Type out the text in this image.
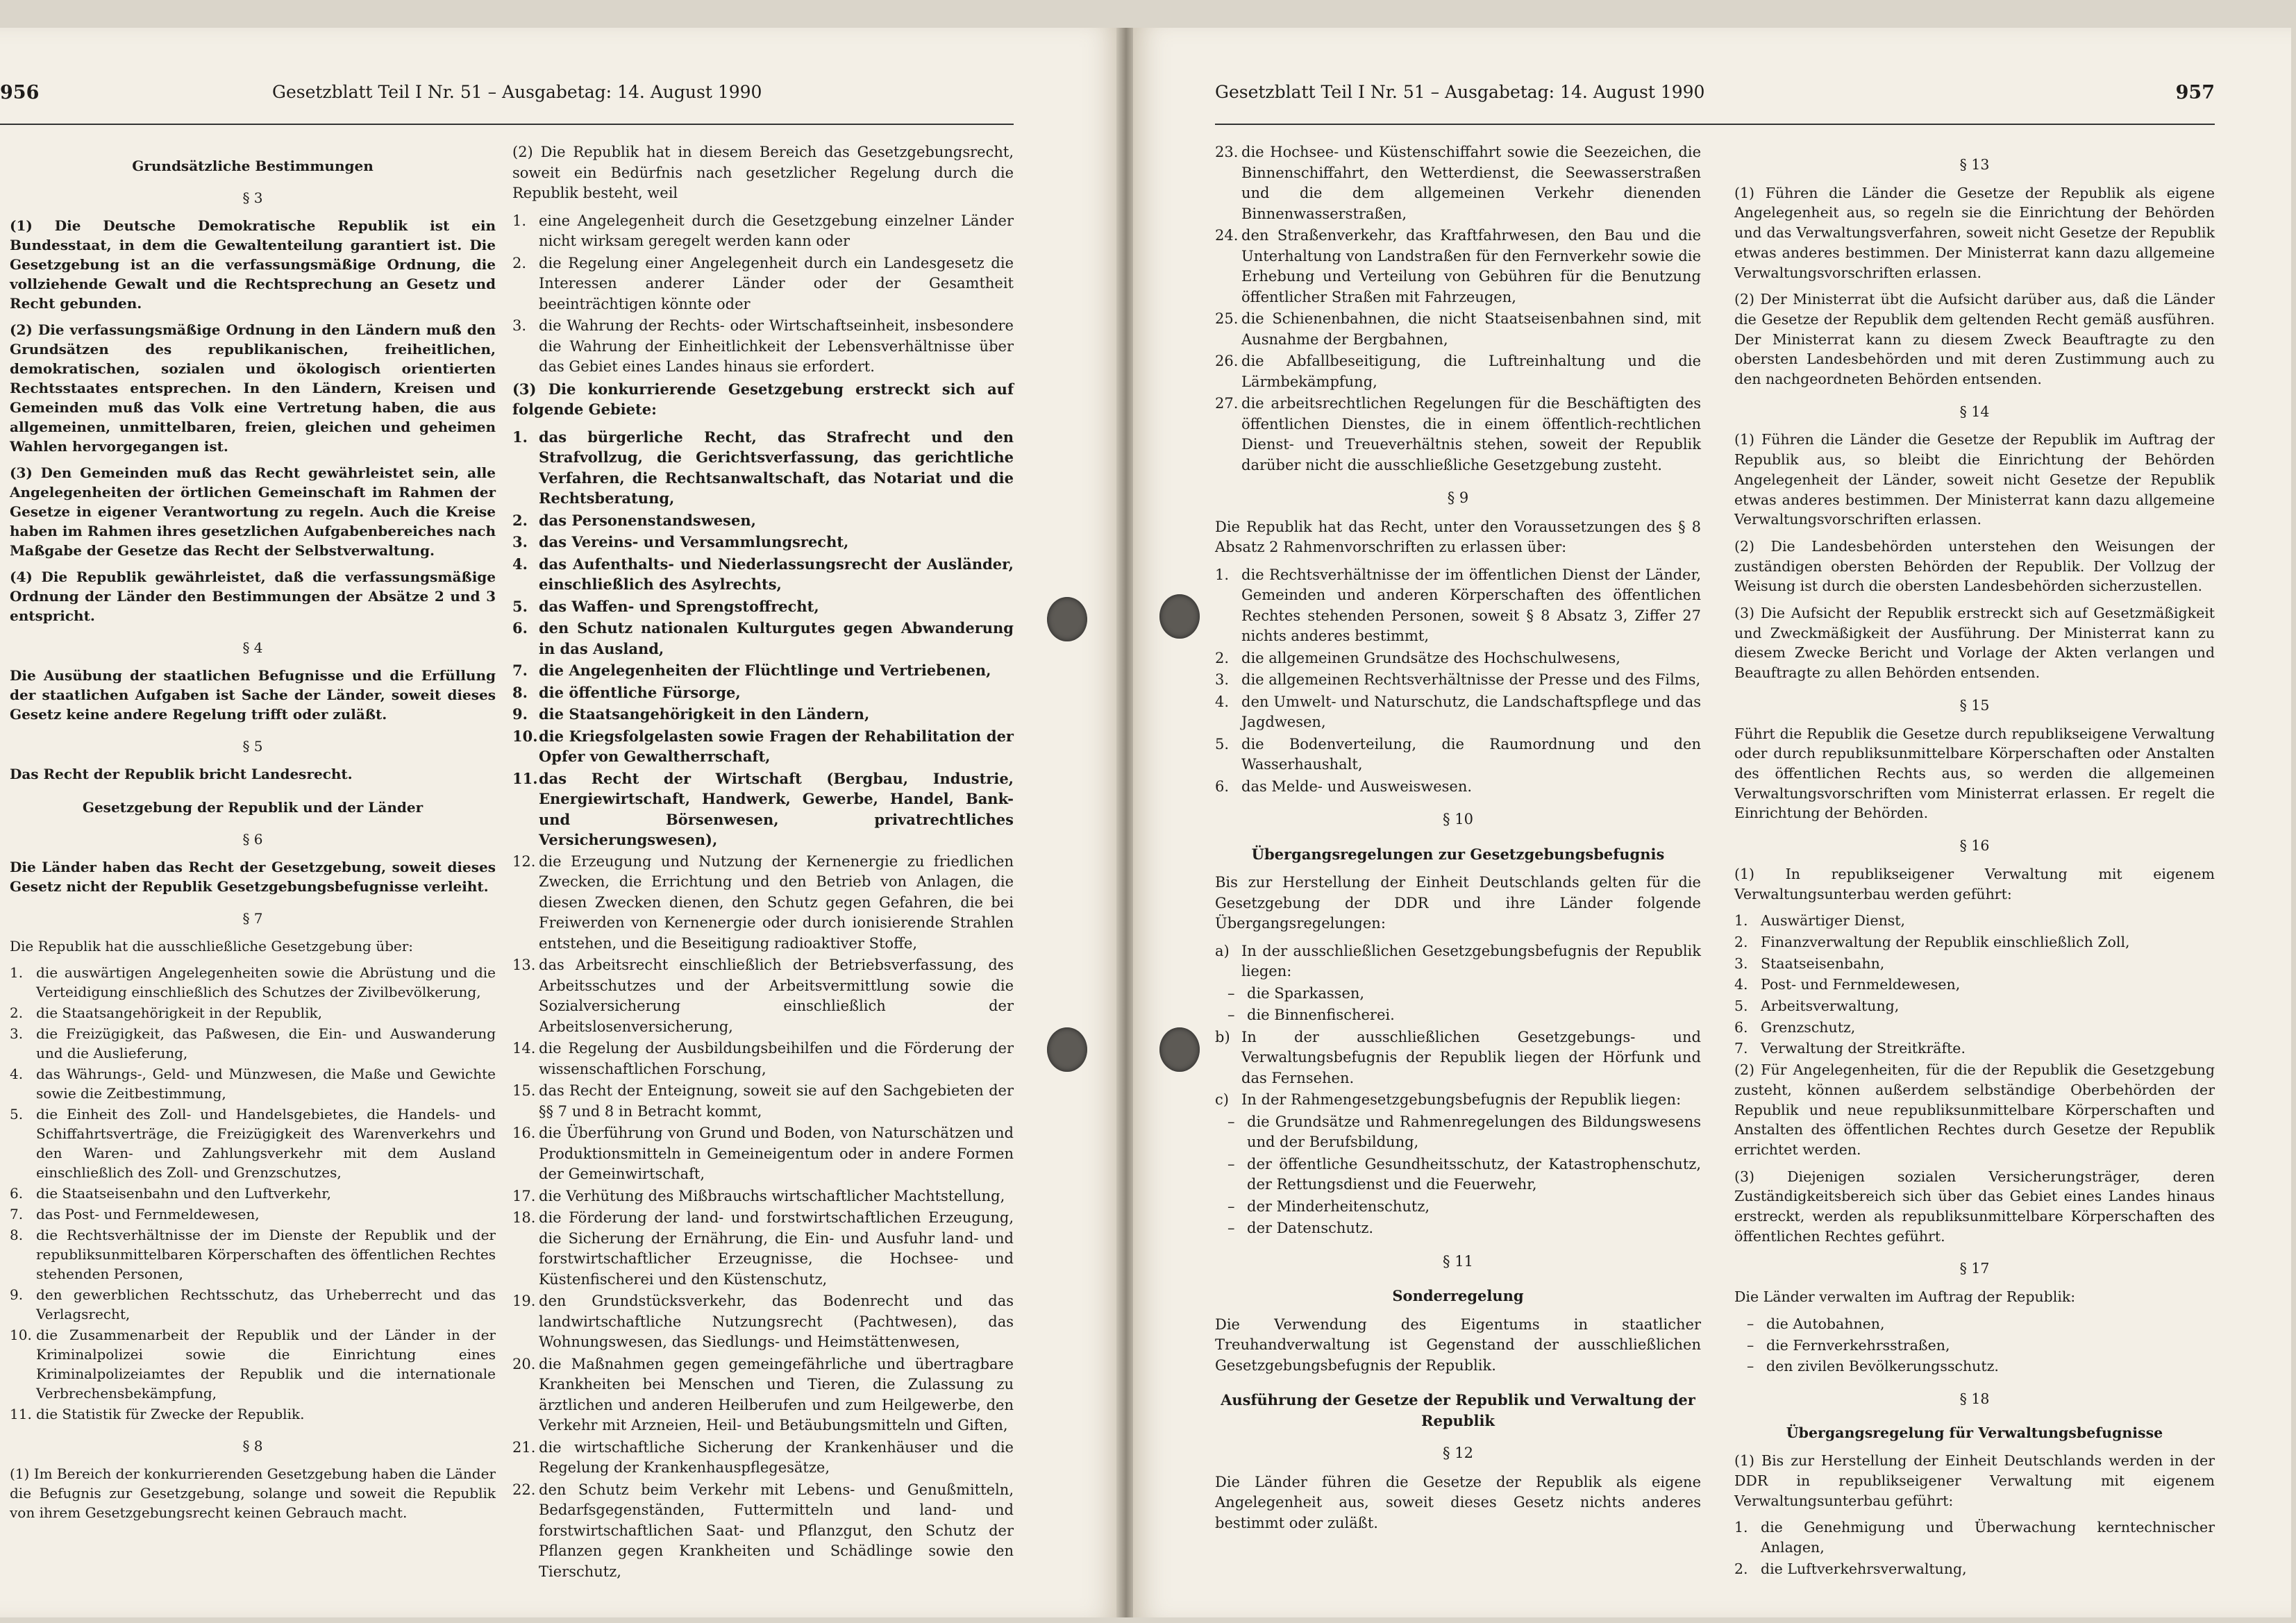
956	Gesetzblatt Teil I Nr. 51 – Ausgabetag: 14. August 1990

Grundsätzliche Bestimmungen

§ 3

(1) Die Deutsche Demokratische Republik ist ein Bundesstaat, in dem die Gewaltenteilung garantiert ist. Die Gesetzgebung ist an die verfassungsmäßige Ordnung, die vollziehende Gewalt und die Rechtsprechung an Gesetz und Recht gebunden.

(2) Die verfassungsmäßige Ordnung in den Ländern muß den Grundsätzen des republikanischen, freiheitlichen, demokratischen, sozialen und ökologisch orientierten Rechtsstaates entsprechen. In den Ländern, Kreisen und Gemeinden muß das Volk eine Vertretung haben, die aus allgemeinen, unmittelbaren, freien, gleichen und geheimen Wahlen hervorgegangen ist.

(3) Den Gemeinden muß das Recht gewährleistet sein, alle Angelegenheiten der örtlichen Gemeinschaft im Rahmen der Gesetze in eigener Verantwortung zu regeln. Auch die Kreise haben im Rahmen ihres gesetzlichen Aufgabenbereiches nach Maßgabe der Gesetze das Recht der Selbstverwaltung.

(4) Die Republik gewährleistet, daß die verfassungsmäßige Ordnung der Länder den Bestimmungen der Absätze 2 und 3 entspricht.

§ 4

Die Ausübung der staatlichen Befugnisse und die Erfüllung der staatlichen Aufgaben ist Sache der Länder, soweit dieses Gesetz keine andere Regelung trifft oder zuläßt.

§ 5

Das Recht der Republik bricht Landesrecht.

Gesetzgebung der Republik und der Länder

§ 6

Die Länder haben das Recht der Gesetzgebung, soweit dieses Gesetz nicht der Republik Gesetzgebungsbefugnisse verleiht.

§ 7

Die Republik hat die ausschließliche Gesetzgebung über:

1. die auswärtigen Angelegenheiten sowie die Abrüstung und die Verteidigung einschließlich des Schutzes der Zivilbevölkerung,
2. die Staatsangehörigkeit in der Republik,
3. die Freizügigkeit, das Paßwesen, die Ein- und Auswanderung und die Auslieferung,
4. das Währungs-, Geld- und Münzwesen, die Maße und Gewichte sowie die Zeitbestimmung,
5. die Einheit des Zoll- und Handelsgebietes, die Handels- und Schiffahrtsverträge, die Freizügigkeit des Warenverkehrs und den Waren- und Zahlungsverkehr mit dem Ausland einschließlich des Zoll- und Grenzschutzes,
6. die Staatseisenbahn und den Luftverkehr,
7. das Post- und Fernmeldewesen,
8. die Rechtsverhältnisse der im Dienste der Republik und der republiksunmittelbaren Körperschaften des öffentlichen Rechtes stehenden Personen,
9. den gewerblichen Rechtsschutz, das Urheberrecht und das Verlagsrecht,
10. die Zusammenarbeit der Republik und der Länder in der Kriminalpolizei sowie die Einrichtung eines Kriminalpolizeiamtes der Republik und die internationale Verbrechensbekämpfung,
11. die Statistik für Zwecke der Republik.

§ 8

(1) Im Bereich der konkurrierenden Gesetzgebung haben die Länder die Befugnis zur Gesetzgebung, solange und soweit die Republik von ihrem Gesetzgebungsrecht keinen Gebrauch macht.

(2) Die Republik hat in diesem Bereich das Gesetzgebungsrecht, soweit ein Bedürfnis nach gesetzlicher Regelung durch die Republik besteht, weil

1. eine Angelegenheit durch die Gesetzgebung einzelner Länder nicht wirksam geregelt werden kann oder
2. die Regelung einer Angelegenheit durch ein Landesgesetz die Interessen anderer Länder oder der Gesamtheit beeinträchtigen könnte oder
3. die Wahrung der Rechts- oder Wirtschaftseinheit, insbesondere die Wahrung der Einheitlichkeit der Lebensverhältnisse über das Gebiet eines Landes hinaus sie erfordert.

(3) Die konkurrierende Gesetzgebung erstreckt sich auf folgende Gebiete:

1. das bürgerliche Recht, das Strafrecht und den Strafvollzug, die Gerichtsverfassung, das gerichtliche Verfahren, die Rechtsanwaltschaft, das Notariat und die Rechtsberatung,
2. das Personenstandswesen,
3. das Vereins- und Versammlungsrecht,
4. das Aufenthalts- und Niederlassungsrecht der Ausländer, einschließlich des Asylrechts,
5. das Waffen- und Sprengstoffrecht,
6. den Schutz nationalen Kulturgutes gegen Abwanderung in das Ausland,
7. die Angelegenheiten der Flüchtlinge und Vertriebenen,
8. die öffentliche Fürsorge,
9. die Staatsangehörigkeit in den Ländern,
10. die Kriegsfolgelasten sowie Fragen der Rehabilitation der Opfer von Gewaltherrschaft,
11. das Recht der Wirtschaft (Bergbau, Industrie, Energiewirtschaft, Handwerk, Gewerbe, Handel, Bank- und Börsenwesen, privatrechtliches Versicherungswesen),
12. die Erzeugung und Nutzung der Kernenergie zu friedlichen Zwecken, die Errichtung und den Betrieb von Anlagen, die diesen Zwecken dienen, den Schutz gegen Gefahren, die bei Freiwerden von Kernenergie oder durch ionisierende Strahlen entstehen, und die Beseitigung radioaktiver Stoffe,
13. das Arbeitsrecht einschließlich der Betriebsverfassung, des Arbeitsschutzes und der Arbeitsvermittlung sowie die Sozialversicherung einschließlich der Arbeitslosenversicherung,
14. die Regelung der Ausbildungsbeihilfen und die Förderung der wissenschaftlichen Forschung,
15. das Recht der Enteignung, soweit sie auf den Sachgebieten der §§ 7 und 8 in Betracht kommt,
16. die Überführung von Grund und Boden, von Naturschätzen und Produktionsmitteln in Gemeineigentum oder in andere Formen der Gemeinwirtschaft,
17. die Verhütung des Mißbrauchs wirtschaftlicher Machtstellung,
18. die Förderung der land- und forstwirtschaftlichen Erzeugung, die Sicherung der Ernährung, die Ein- und Ausfuhr land- und forstwirtschaftlicher Erzeugnisse, die Hochsee- und Küstenfischerei und den Küstenschutz,
19. den Grundstücksverkehr, das Bodenrecht und das landwirtschaftliche Nutzungsrecht (Pachtwesen), das Wohnungswesen, das Siedlungs- und Heimstättenwesen,
20. die Maßnahmen gegen gemeingefährliche und übertragbare Krankheiten bei Menschen und Tieren, die Zulassung zu ärztlichen und anderen Heilberufen und zum Heilgewerbe, den Verkehr mit Arzneien, Heil- und Betäubungsmitteln und Giften,
21. die wirtschaftliche Sicherung der Krankenhäuser und die Regelung der Krankenhauspflegesätze,
22. den Schutz beim Verkehr mit Lebens- und Genußmitteln, Bedarfsgegenständen, Futtermitteln und land- und forstwirtschaftlichen Saat- und Pflanzgut, den Schutz der Pflanzen gegen Krankheiten und Schädlinge sowie den Tierschutz,
Gesetzblatt Teil I Nr. 51 – Ausgabetag: 14. August 1990	957
23. die Hochsee- und Küstenschiffahrt sowie die Seezeichen, die Binnenschiffahrt, den Wetterdienst, die Seewasserstraßen und die dem allgemeinen Verkehr dienenden Binnenwasserstraßen,
24. den Straßenverkehr, das Kraftfahrwesen, den Bau und die Unterhaltung von Landstraßen für den Fernverkehr sowie die Erhebung und Verteilung von Gebühren für die Benutzung öffentlicher Straßen mit Fahrzeugen,
25. die Schienenbahnen, die nicht Staatseisenbahnen sind, mit Ausnahme der Bergbahnen,
26. die Abfallbeseitigung, die Luftreinhaltung und die Lärmbekämpfung,
27. die arbeitsrechtlichen Regelungen für die Beschäftigten des öffentlichen Dienstes, die in einem öffentlich-rechtlichen Dienst- und Treueverhältnis stehen, soweit der Republik darüber nicht die ausschließliche Gesetzgebung zusteht.

§ 9

Die Republik hat das Recht, unter den Voraussetzungen des § 8 Absatz 2 Rahmenvorschriften zu erlassen über:

1. die Rechtsverhältnisse der im öffentlichen Dienst der Länder, Gemeinden und anderen Körperschaften des öffentlichen Rechtes stehenden Personen, soweit § 8 Absatz 3, Ziffer 27 nichts anderes bestimmt,
2. die allgemeinen Grundsätze des Hochschulwesens,
3. die allgemeinen Rechtsverhältnisse der Presse und des Films,
4. den Umwelt- und Naturschutz, die Landschaftspflege und das Jagdwesen,
5. die Bodenverteilung, die Raumordnung und den Wasserhaushalt,
6. das Melde- und Ausweiswesen.

§ 10

Übergangsregelungen zur Gesetzgebungsbefugnis

Bis zur Herstellung der Einheit Deutschlands gelten für die Gesetzgebung der DDR und ihre Länder folgende Übergangsregelungen:

a) In der ausschließlichen Gesetzgebungsbefugnis der Republik liegen:
– die Sparkassen,
– die Binnenfischerei.
b) In der ausschließlichen Gesetzgebungs- und Verwaltungsbefugnis der Republik liegen der Hörfunk und das Fernsehen.
c) In der Rahmengesetzgebungsbefugnis der Republik liegen:
– die Grundsätze und Rahmenregelungen des Bildungswesens und der Berufsbildung,
– der öffentliche Gesundheitsschutz, der Katastrophenschutz, der Rettungsdienst und die Feuerwehr,
– der Minderheitenschutz,
– der Datenschutz.

§ 11

Sonderregelung

Die Verwendung des Eigentums in staatlicher Treuhandverwaltung ist Gegenstand der ausschließlichen Gesetzgebungsbefugnis der Republik.

Ausführung der Gesetze der Republik und Verwaltung der Republik

§ 12

Die Länder führen die Gesetze der Republik als eigene Angelegenheit aus, soweit dieses Gesetz nichts anderes bestimmt oder zuläßt.

§ 13

(1) Führen die Länder die Gesetze der Republik als eigene Angelegenheit aus, so regeln sie die Einrichtung der Behörden und das Verwaltungsverfahren, soweit nicht Gesetze der Republik etwas anderes bestimmen. Der Ministerrat kann dazu allgemeine Verwaltungsvorschriften erlassen.

(2) Der Ministerrat übt die Aufsicht darüber aus, daß die Länder die Gesetze der Republik dem geltenden Recht gemäß ausführen. Der Ministerrat kann zu diesem Zweck Beauftragte zu den obersten Landesbehörden und mit deren Zustimmung auch zu den nachgeordneten Behörden entsenden.

§ 14

(1) Führen die Länder die Gesetze der Republik im Auftrag der Republik aus, so bleibt die Einrichtung der Behörden Angelegenheit der Länder, soweit nicht Gesetze der Republik etwas anderes bestimmen. Der Ministerrat kann dazu allgemeine Verwaltungsvorschriften erlassen.

(2) Die Landesbehörden unterstehen den Weisungen der zuständigen obersten Behörden der Republik. Der Vollzug der Weisung ist durch die obersten Landesbehörden sicherzustellen.

(3) Die Aufsicht der Republik erstreckt sich auf Gesetzmäßigkeit und Zweckmäßigkeit der Ausführung. Der Ministerrat kann zu diesem Zwecke Bericht und Vorlage der Akten verlangen und Beauftragte zu allen Behörden entsenden.

§ 15

Führt die Republik die Gesetze durch republikseigene Verwaltung oder durch republiksunmittelbare Körperschaften oder Anstalten des öffentlichen Rechts aus, so werden die allgemeinen Verwaltungsvorschriften vom Ministerrat erlassen. Er regelt die Einrichtung der Behörden.

§ 16

(1) In republikseigener Verwaltung mit eigenem Verwaltungsunterbau werden geführt:

1. Auswärtiger Dienst,
2. Finanzverwaltung der Republik einschließlich Zoll,
3. Staatseisenbahn,
4. Post- und Fernmeldewesen,
5. Arbeitsverwaltung,
6. Grenzschutz,
7. Verwaltung der Streitkräfte.

(2) Für Angelegenheiten, für die der Republik die Gesetzgebung zusteht, können außerdem selbständige Oberbehörden der Republik und neue republiksunmittelbare Körperschaften und Anstalten des öffentlichen Rechtes durch Gesetze der Republik errichtet werden.

(3) Diejenigen sozialen Versicherungsträger, deren Zuständigkeitsbereich sich über das Gebiet eines Landes hinaus erstreckt, werden als republiksunmittelbare Körperschaften des öffentlichen Rechtes geführt.

§ 17

Die Länder verwalten im Auftrag der Republik:

– die Autobahnen,
– die Fernverkehrsstraßen,
– den zivilen Bevölkerungsschutz.

§ 18

Übergangsregelung für Verwaltungsbefugnisse

(1) Bis zur Herstellung der Einheit Deutschlands werden in der DDR in republikseigener Verwaltung mit eigenem Verwaltungsunterbau geführt:

1. die Genehmigung und Überwachung kerntechnischer Anlagen,
2. die Luftverkehrsverwaltung,
